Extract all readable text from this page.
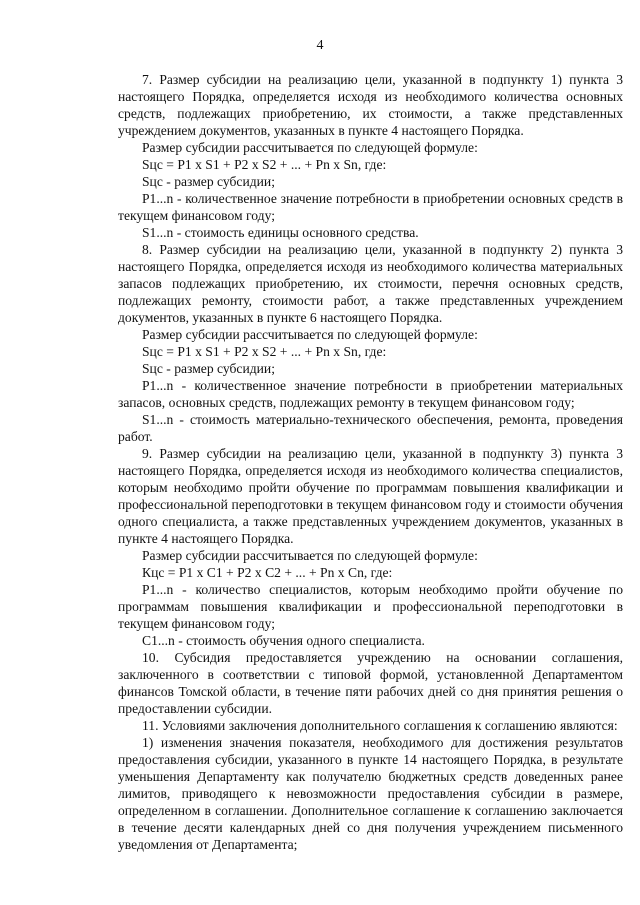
4

7. Размер субсидии на реализацию цели, указанной в подпункту 1) пункта 3 настоящего Порядка, определяется исходя из необходимого количества основных средств, подлежащих приобретению, их стоимости, а также представленных учреждением документов, указанных в пункте 4 настоящего Порядка.

Размер субсидии рассчитывается по следующей формуле:

Sцс = P1 x S1 + P2 x S2 + ... + Pn x Sn, где:

Sцс - размер субсидии;

P1...n - количественное значение потребности в приобретении основных средств в текущем финансовом году;

S1...n - стоимость единицы основного средства.

8. Размер субсидии на реализацию цели, указанной в подпункту 2) пункта 3 настоящего Порядка, определяется исходя из необходимого количества материальных запасов подлежащих приобретению, их стоимости, перечня основных средств, подлежащих ремонту, стоимости работ, а также представленных учреждением документов, указанных в пункте 6 настоящего Порядка.

Размер субсидии рассчитывается по следующей формуле:

Sцс = P1 x S1 + P2 x S2 + ... + Pn x Sn, где:

Sцс - размер субсидии;

P1...n - количественное значение потребности в приобретении материальных запасов, основных средств, подлежащих ремонту в текущем финансовом году;

S1...n - стоимость материально-технического обеспечения, ремонта, проведения работ.

9. Размер субсидии на реализацию цели, указанной в подпункту 3) пункта 3 настоящего Порядка, определяется исходя из необходимого количества специалистов, которым необходимо пройти обучение по программам повышения квалификации и профессиональной переподготовки в текущем финансовом году и стоимости обучения одного специалиста, а также представленных учреждением документов, указанных в пункте 4 настоящего Порядка.

Размер субсидии рассчитывается по следующей формуле:

Кцс = P1 x C1 + P2 x C2 + ... + Pn x Cn, где:

P1...n - количество специалистов, которым необходимо пройти обучение по программам повышения квалификации и профессиональной переподготовки в текущем финансовом году;

C1...n - стоимость обучения одного специалиста.

10. Субсидия предоставляется учреждению на основании соглашения, заключенного в соответствии с типовой формой, установленной Департаментом финансов Томской области, в течение пяти рабочих дней со дня принятия решения о предоставлении субсидии.

11. Условиями заключения дополнительного соглашения к соглашению являются:

1) изменения значения показателя, необходимого для достижения результатов предоставления субсидии, указанного в пункте 14 настоящего Порядка, в результате уменьшения Департаменту как получателю бюджетных средств доведенных ранее лимитов, приводящего к невозможности предоставления субсидии в размере, определенном в соглашении. Дополнительное соглашение к соглашению заключается в течение десяти календарных дней со дня получения учреждением письменного уведомления от Департамента;
